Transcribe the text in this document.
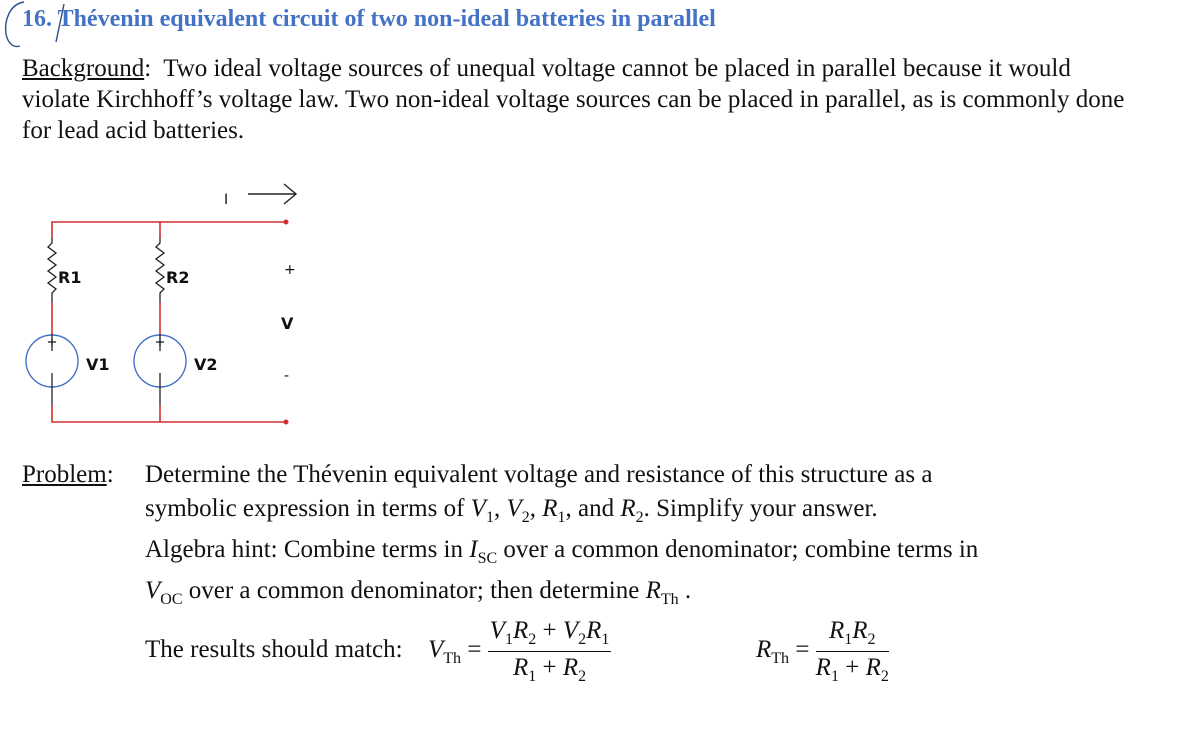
16. Thévenin equivalent circuit of two non-ideal batteries in parallel
Background:  Two ideal voltage sources of unequal voltage cannot be placed in parallel because it would violate Kirchhoff’s voltage law. Two non-ideal voltage sources can be placed in parallel, as is commonly done for lead acid batteries.
I
R1	R2
V1	V2
+
V
-
Problem: Determine the Thévenin equivalent voltage and resistance of this structure as a
symbolic expression in terms of $V_1$, $V_2$, $R_1$, and $R_2$. Simplify your answer.
Algebra hint: Combine terms in $I_{SC}$ over a common denominator; combine terms in
$V_{OC}$ over a common denominator; then determine $R_{Th}$ .
The results should match: $V_{Th} = \frac{V_1R_2 + V_2R_1}{R_1 + R_2}$	$R_{Th} = \frac{R_1R_2}{R_1 + R_2}$
